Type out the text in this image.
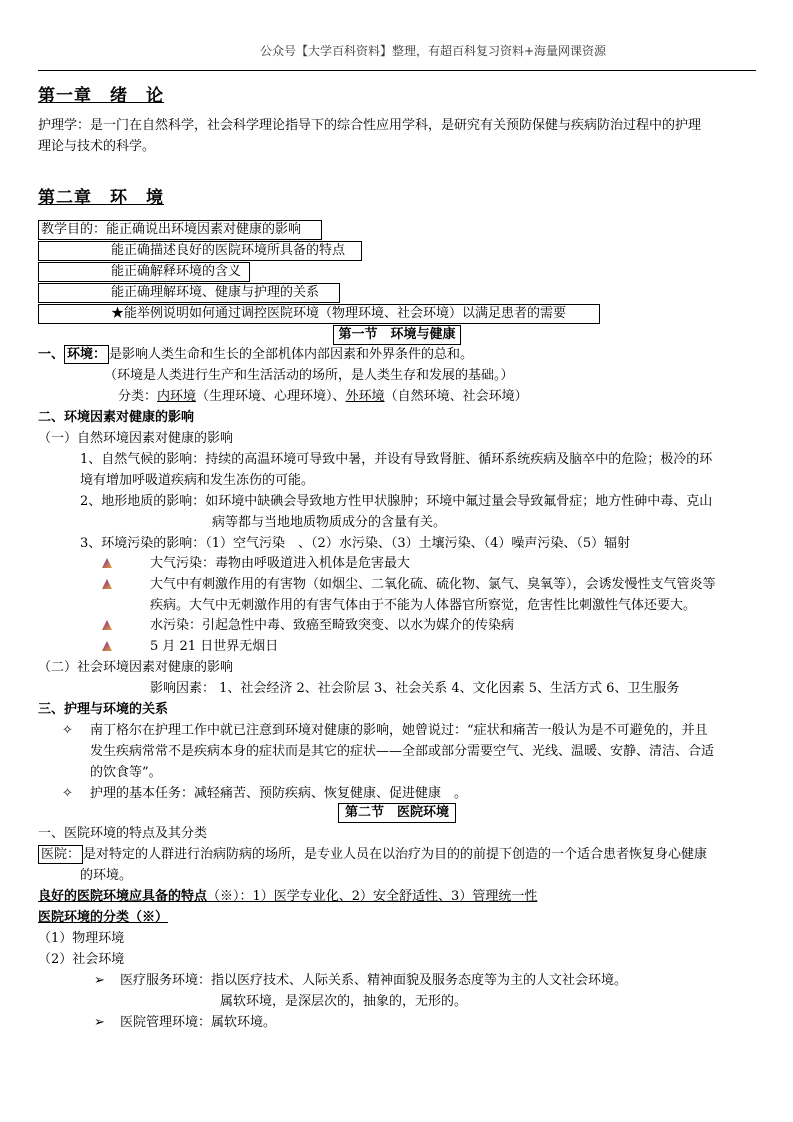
公众号【大学百科资料】整理，有超百科复习资料+海量网课资源
第一章　绪　论
护理学：是一门在自然科学，社会科学理论指导下的综合性应用学科，是研究有关预防保健与疾病防治过程中的护理
理论与技术的科学。
第二章　环　境
教学目的：能正确说出环境因素对健康的影响
能正确描述良好的医院环境所具备的特点
能正确解释环境的含义
能正确理解环境、健康与护理的关系
★能举例说明如何通过调控医院环境（物理环境、社会环境）以满足患者的需要
第一节　环境与健康
一、 环境： 是影响人类生命和生长的全部机体内部因素和外界条件的总和。
（环境是人类进行生产和生活活动的场所，是人类生存和发展的基础。）
分类：内环境（生理环境、心理环境）、外环境（自然环境、社会环境）
二、环境因素对健康的影响
（一）自然环境因素对健康的影响
1、自然气候的影响：持续的高温环境可导致中暑，并设有导致肾脏、循环系统疾病及脑卒中的危险；极冷的环
境有增加呼吸道疾病和发生冻伤的可能。
2、地形地质的影响：如环境中缺碘会导致地方性甲状腺肿；环境中氟过量会导致氟骨症；地方性砷中毒、克山
病等都与当地地质物质成分的含量有关。
3、环境污染的影响：（1）空气污染　、（2）水污染、（3）土壤污染、（4）噪声污染、（5）辐射
大气污染：毒物由呼吸道进入机体是危害最大
大气中有刺激作用的有害物（如烟尘、二氧化硫、硫化物、氯气、臭氧等），会诱发慢性支气管炎等
疾病。大气中无刺激作用的有害气体由于不能为人体器官所察觉，危害性比刺激性气体还要大。
水污染：引起急性中毒、致癌至畸致突变、以水为媒介的传染病
5 月 21 日世界无烟日
（二）社会环境因素对健康的影响
影响因素： 1、社会经济 2、社会阶层 3、社会关系 4、文化因素 5、生活方式 6、卫生服务
三、护理与环境的关系
✧ 南丁格尔在护理工作中就已注意到环境对健康的影响，她曾说过：“症状和痛苦一般认为是不可避免的，并且
发生疾病常常不是疾病本身的症状而是其它的症状——全部或部分需要空气、光线、温暖、安静、清洁、合适
的饮食等”。
✧ 护理的基本任务：减轻痛苦、预防疾病、恢复健康、促进健康　。
第二节　医院环境
一、医院环境的特点及其分类
医院： 是对特定的人群进行治病防病的场所，是专业人员在以治疗为目的的前提下创造的一个适合患者恢复身心健康
的环境。
良好的医院环境应具备的特点（※）：1）医学专业化、2）安全舒适性、3）管理统一性
医院环境的分类（※）
（1）物理环境
（2）社会环境
➢ 医疗服务环境：指以医疗技术、人际关系、精神面貌及服务态度等为主的人文社会环境。
属软环境，是深层次的，抽象的，无形的。
➢ 医院管理环境：属软环境。
